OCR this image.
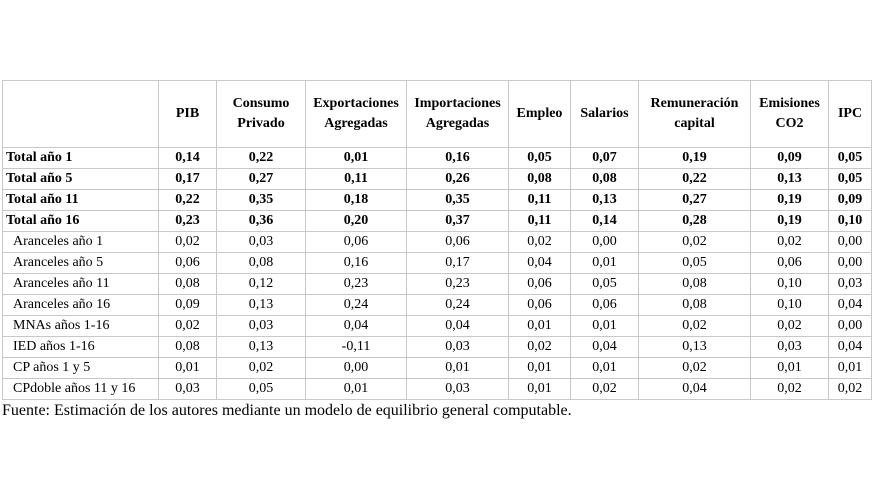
	PIB	Consumo Privado	Exportaciones Agregadas	Importaciones Agregadas	Empleo	Salarios	Remuneración capital	Emisiones CO2	IPC
Total año 1	0,14	0,22	0,01	0,16	0,05	0,07	0,19	0,09	0,05
Total año 5	0,17	0,27	0,11	0,26	0,08	0,08	0,22	0,13	0,05
Total año 11	0,22	0,35	0,18	0,35	0,11	0,13	0,27	0,19	0,09
Total año 16	0,23	0,36	0,20	0,37	0,11	0,14	0,28	0,19	0,10
Aranceles año 1	0,02	0,03	0,06	0,06	0,02	0,00	0,02	0,02	0,00
Aranceles año 5	0,06	0,08	0,16	0,17	0,04	0,01	0,05	0,06	0,00
Aranceles año 11	0,08	0,12	0,23	0,23	0,06	0,05	0,08	0,10	0,03
Aranceles año 16	0,09	0,13	0,24	0,24	0,06	0,06	0,08	0,10	0,04
MNAs años 1-16	0,02	0,03	0,04	0,04	0,01	0,01	0,02	0,02	0,00
IED años 1-16	0,08	0,13	-0,11	0,03	0,02	0,04	0,13	0,03	0,04
CP años 1 y 5	0,01	0,02	0,00	0,01	0,01	0,01	0,02	0,01	0,01
CPdoble años 11 y 16	0,03	0,05	0,01	0,03	0,01	0,02	0,04	0,02	0,02
Fuente: Estimación de los autores mediante un modelo de equilibrio general computable.
